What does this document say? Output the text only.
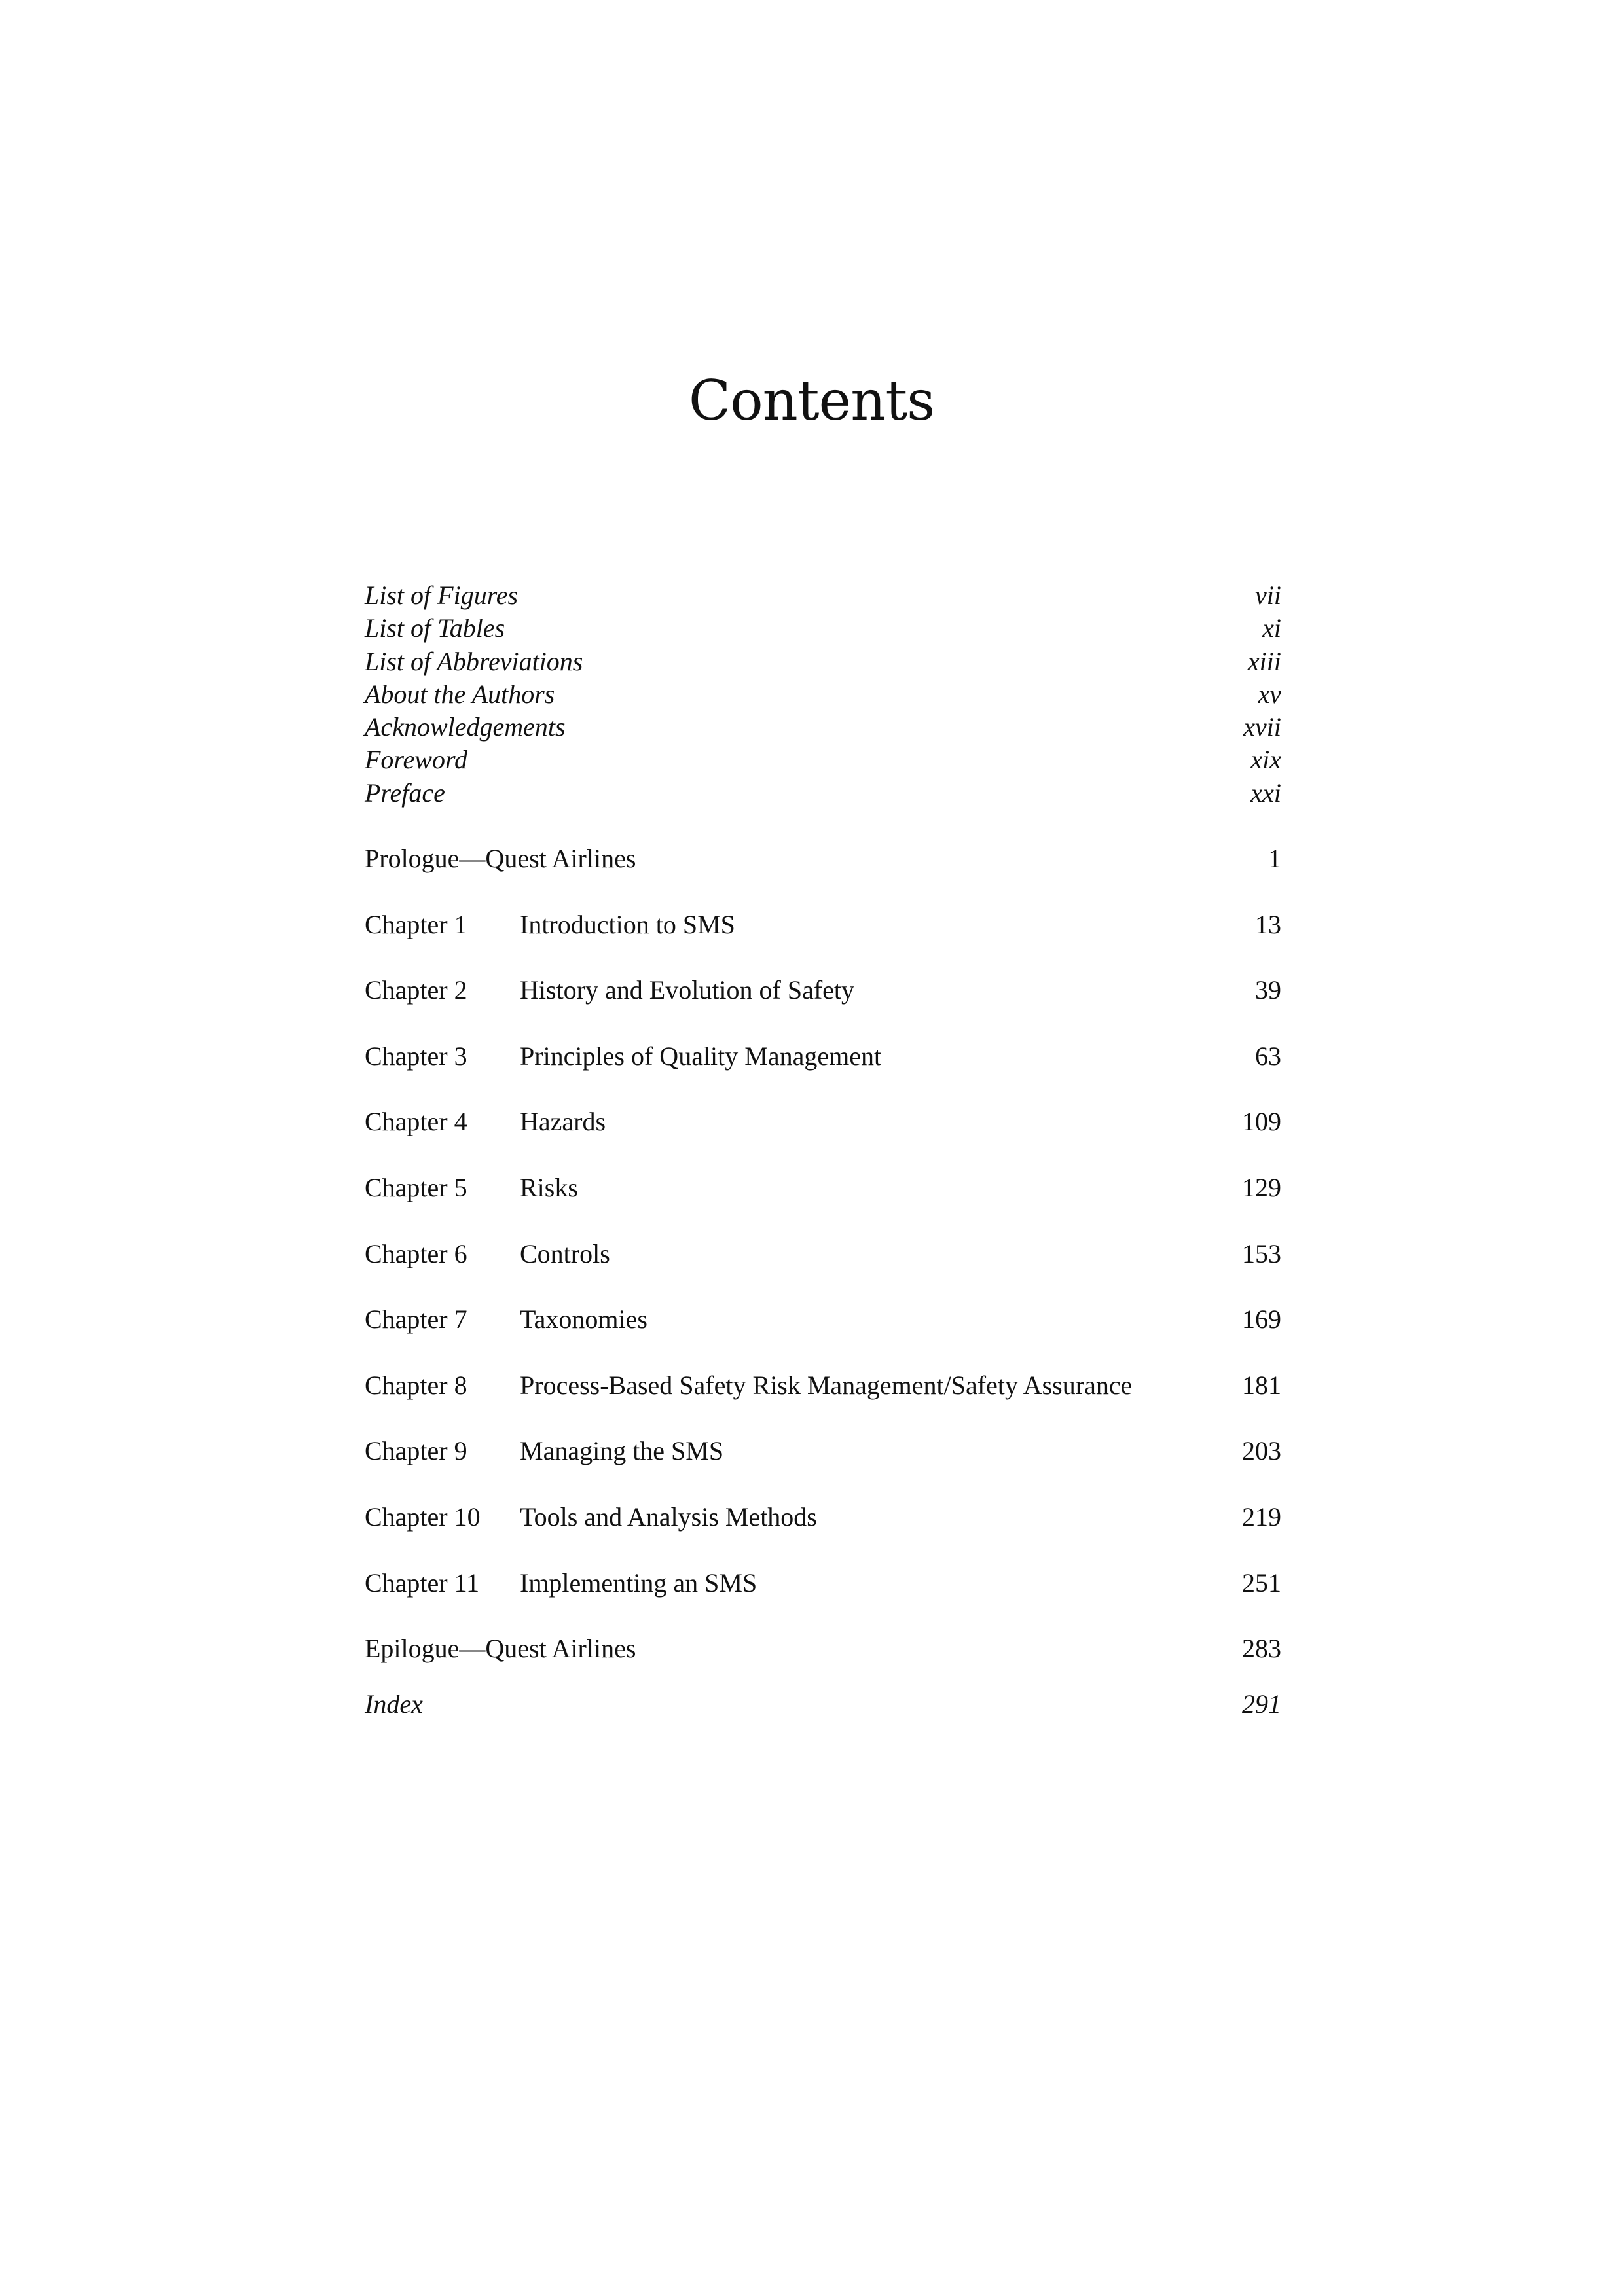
Contents
List of Figures	vii
List of Tables	xi
List of Abbreviations	xiii
About the Authors	xv
Acknowledgements	xvii
Foreword	xix
Preface	xxi
Prologue—Quest Airlines	1
Chapter 1	Introduction to SMS	13
Chapter 2	History and Evolution of Safety	39
Chapter 3	Principles of Quality Management	63
Chapter 4	Hazards	109
Chapter 5	Risks	129
Chapter 6	Controls	153
Chapter 7	Taxonomies	169
Chapter 8	Process-Based Safety Risk Management/Safety Assurance	181
Chapter 9	Managing the SMS	203
Chapter 10	Tools and Analysis Methods	219
Chapter 11	Implementing an SMS	251
Epilogue—Quest Airlines	283
Index	291
